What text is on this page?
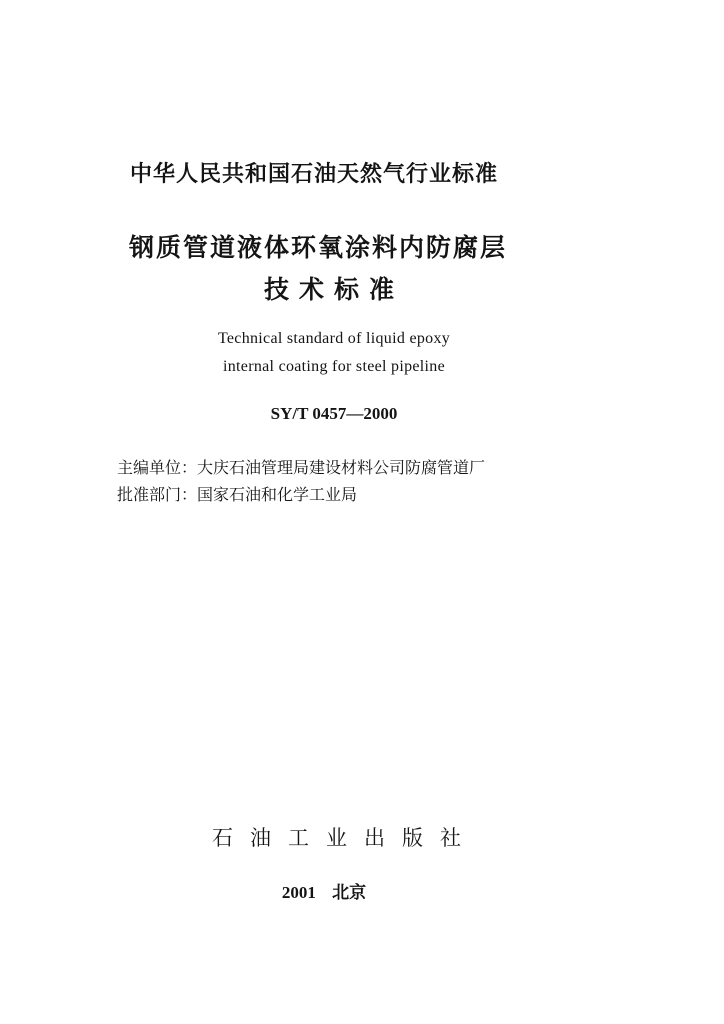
中华人民共和国石油天然气行业标准
钢质管道液体环氧涂料内防腐层
技术标准
Technical standard of liquid epoxy
internal coating for steel pipeline
SY/T 0457—2000
主编单位：大庆石油管理局建设材料公司防腐管道厂
批准部门：国家石油和化学工业局
石油工业出版社
2001 北京
